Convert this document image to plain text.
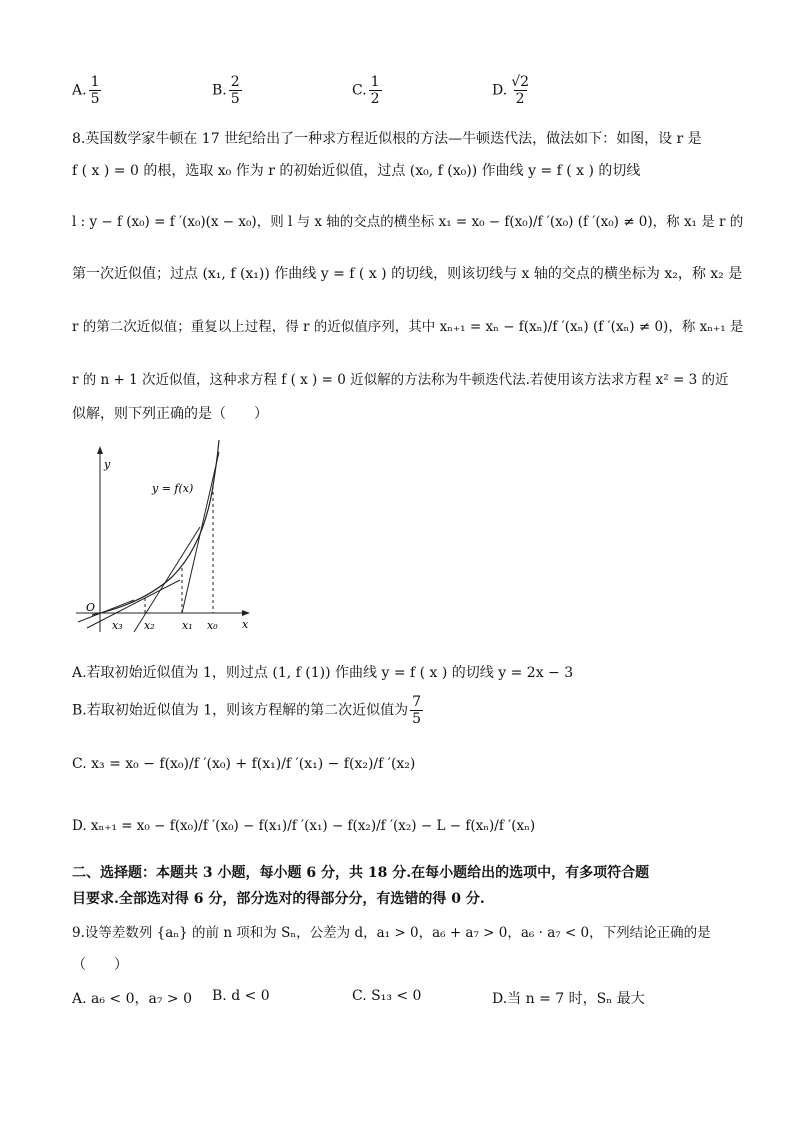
A. $\frac{1}{5}$	B. $\frac{2}{5}$	C. $\frac{1}{2}$	D. $\frac{√2}{2}$
8.英国数学家牛顿在 17 世纪给出了一种求方程近似根的方法—牛顿迭代法，做法如下：如图，设 r 是
f ( x ) = 0 的根，选取 x₀ 作为 r 的初始近似值，过点 (x₀, f (x₀)) 作曲线 y = f ( x ) 的切线
l : y − f (x₀) = f ′(x₀)(x − x₀)，则 l 与 x 轴的交点的横坐标 x₁ = x₀ − f(x₀)/f ′(x₀) (f ′(x₀) ≠ 0)，称 x₁ 是 r 的
第一次近似值；过点 (x₁, f (x₁)) 作曲线 y = f ( x ) 的切线，则该切线与 x 轴的交点的横坐标为 x₂，称 x₂ 是
r 的第二次近似值；重复以上过程，得 r 的近似值序列，其中 xₙ₊₁ = xₙ − f(xₙ)/f ′(xₙ) (f ′(xₙ) ≠ 0)，称 xₙ₊₁ 是
r 的 n + 1 次近似值，这种求方程 f ( x ) = 0 近似解的方法称为牛顿迭代法.若使用该方法求方程 x² = 3 的近
似解，则下列正确的是（　　）
y
x
O
y = f(x)
x₃ x₂ x₁ x₀
A.若取初始近似值为 1，则过点 (1, f (1)) 作曲线 y = f ( x ) 的切线 y = 2x − 3
B.若取初始近似值为 1，则该方程解的第二次近似值为 $\frac{7}{5}$
C. x₃ = x₀ − f(x₀)/f ′(x₀) + f(x₁)/f ′(x₁) − f(x₂)/f ′(x₂)
D. xₙ₊₁ = x₀ − f(x₀)/f ′(x₀) − f(x₁)/f ′(x₁) − f(x₂)/f ′(x₂) − L − f(xₙ)/f ′(xₙ)
二、选择题：本题共 3 小题，每小题 6 分，共 18 分.在每小题给出的选项中，有多项符合题
目要求.全部选对得 6 分，部分选对的得部分分，有选错的得 0 分.
9.设等差数列 {aₙ} 的前 n 项和为 Sₙ，公差为 d，a₁ > 0，a₆ + a₇ > 0，a₆ · a₇ < 0，下列结论正确的是
（　　）
A. a₆ < 0，a₇ > 0 B. d < 0	C. S₁₃ < 0	D.当 n = 7 时，Sₙ 最大
